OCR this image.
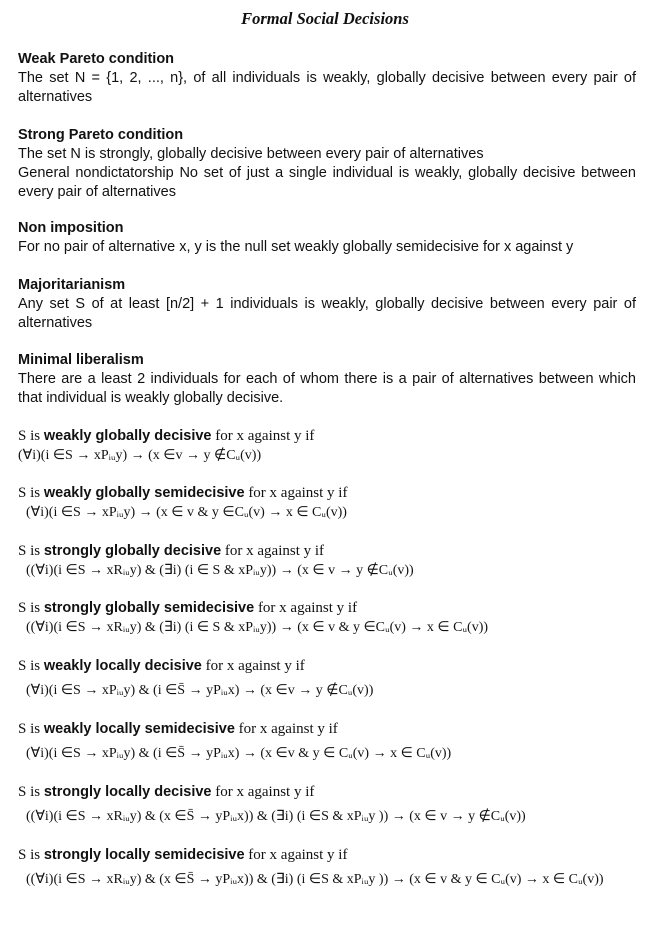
Formal Social Decisions
Weak Pareto condition
The set N = {1, 2, ..., n}, of all individuals is weakly, globally decisive between every pair of alternatives
Strong Pareto condition
The set N is strongly, globally decisive between every pair of alternatives
General nondictatorship No set of just a single individual is weakly, globally decisive between every pair of alternatives
Non imposition
For no pair of alternative x, y is the null set weakly globally semidecisive for x against y
Majoritarianism
Any set S of at least [n/2] + 1 individuals is weakly, globally decisive between every pair of alternatives
Minimal liberalism
There are a least 2 individuals for each of whom there is a pair of alternatives between which that individual is weakly globally decisive.
S is weakly globally decisive for x against y if
(∀i)(i ∈S → xPᵢᵤy) → (x ∈v → y ∉Cᵤ(v))
S is weakly globally semidecisive for x against y if
(∀i)(i ∈S → xPᵢᵤy) → (x ∈ v & y ∈Cᵤ(v) → x ∈ Cᵤ(v))
S is strongly globally decisive for x against y if
((∀i)(i ∈S → xRᵢᵤy) & (∃i) (i ∈ S & xPᵢᵤy)) → (x ∈ v → y ∉Cᵤ(v))
S is strongly globally semidecisive for x against y if
((∀i)(i ∈S → xRᵢᵤy) & (∃i) (i ∈ S & xPᵢᵤy)) → (x ∈ v & y ∈Cᵤ(v) → x ∈ Cᵤ(v))
S is weakly locally decisive for x against y if
(∀i)(i ∈S → xPᵢᵤy) & (i ∈S̄ → yPᵢᵤx) → (x ∈v → y ∉Cᵤ(v))
S is weakly locally semidecisive for x against y if
(∀i)(i ∈S → xPᵢᵤy) & (i ∈S̄ → yPᵢᵤx) → (x ∈v & y ∈ Cᵤ(v) → x ∈ Cᵤ(v))
S is strongly locally decisive for x against y if
((∀i)(i ∈S → xRᵢᵤy) & (x ∈S̄ → yPᵢᵤx)) & (∃i) (i ∈S & xPᵢᵤy )) → (x ∈ v → y ∉Cᵤ(v))
S is strongly locally semidecisive for x against y if
((∀i)(i ∈S → xRᵢᵤy) & (x ∈S̄ → yPᵢᵤx)) & (∃i) (i ∈S & xPᵢᵤy )) → (x ∈ v & y ∈ Cᵤ(v) → x ∈ Cᵤ(v))
